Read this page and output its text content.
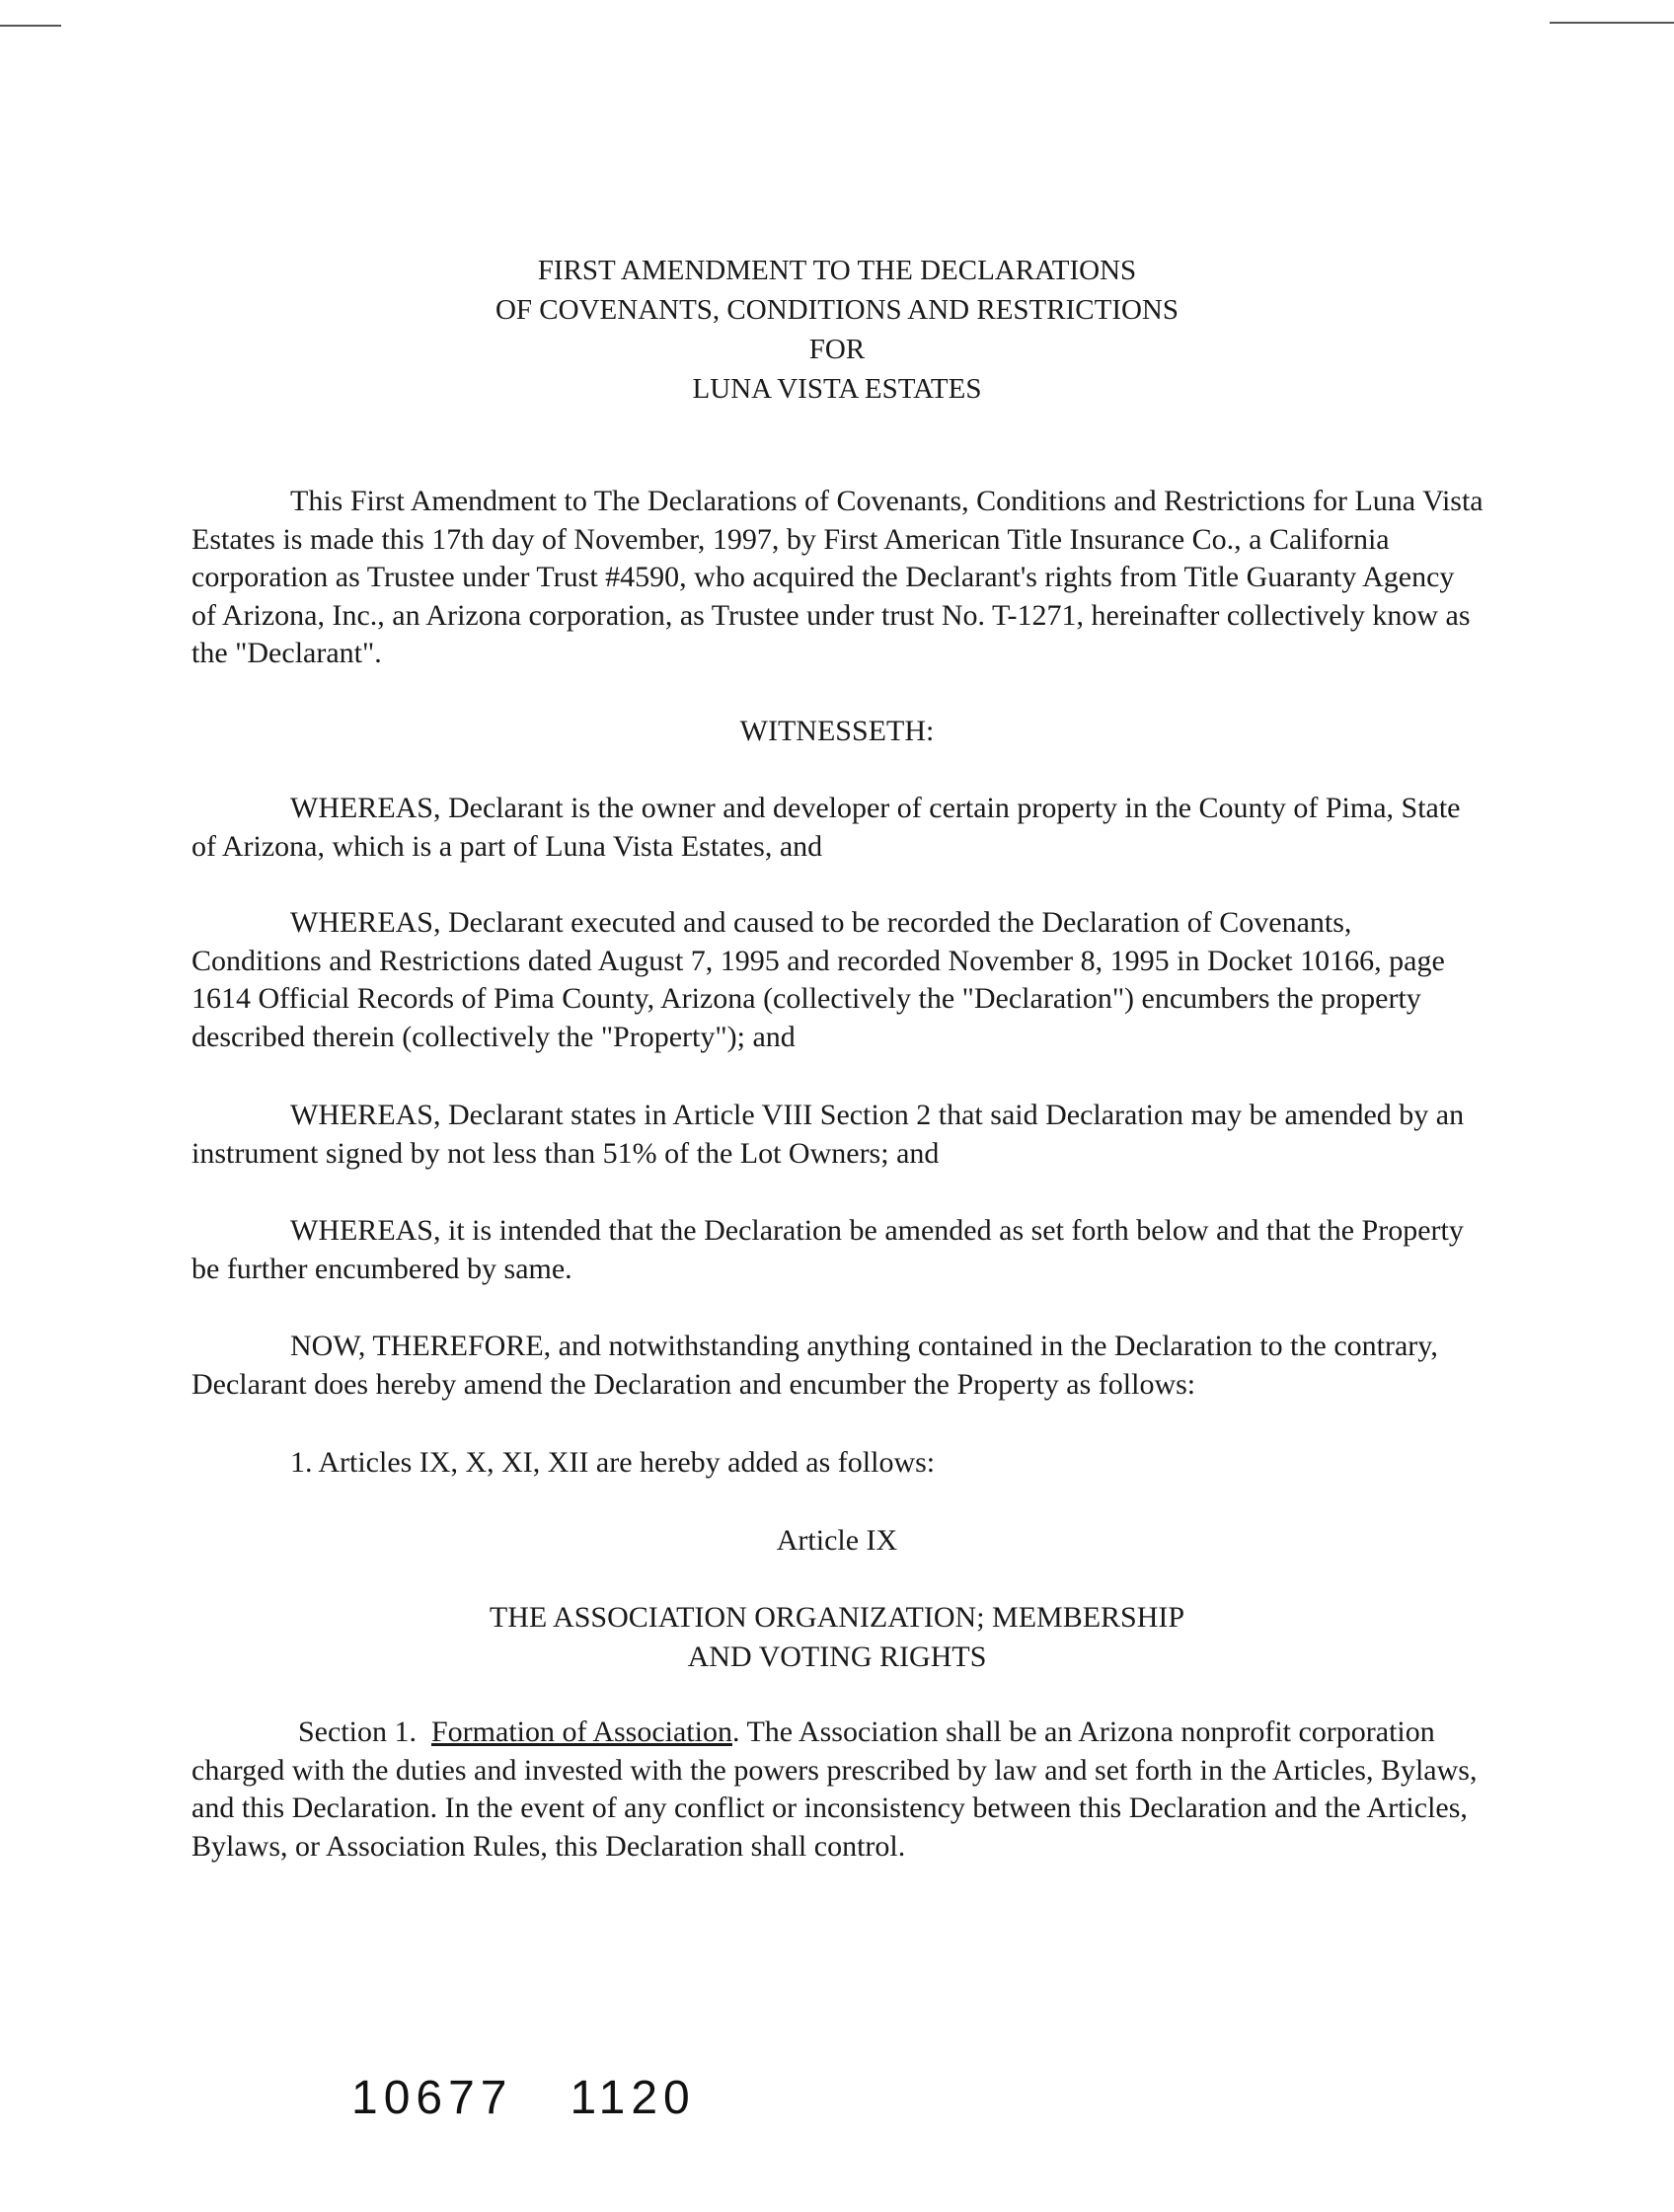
FIRST AMENDMENT TO THE DECLARATIONS
OF COVENANTS, CONDITIONS AND RESTRICTIONS
FOR
LUNA VISTA ESTATES

This First Amendment to The Declarations of Covenants, Conditions and Restrictions for Luna Vista Estates is made this 17th day of November, 1997, by First American Title Insurance Co., a California corporation as Trustee under Trust #4590, who acquired the Declarant's rights from Title Guaranty Agency of Arizona, Inc., an Arizona corporation, as Trustee under trust No. T-1271, hereinafter collectively know as the "Declarant".

WITNESSETH:

WHEREAS, Declarant is the owner and developer of certain property in the County of Pima, State of Arizona, which is a part of Luna Vista Estates, and

WHEREAS, Declarant executed and caused to be recorded the Declaration of Covenants, Conditions and Restrictions dated August 7, 1995 and recorded November 8, 1995 in Docket 10166, page 1614 Official Records of Pima County, Arizona (collectively the "Declaration") encumbers the property described therein (collectively the "Property"); and

WHEREAS, Declarant states in Article VIII Section 2 that said Declaration may be amended by an instrument signed by not less than 51% of the Lot Owners; and

WHEREAS, it is intended that the Declaration be amended as set forth below and that the Property be further encumbered by same.

NOW, THEREFORE, and notwithstanding anything contained in the Declaration to the contrary, Declarant does hereby amend the Declaration and encumber the Property as follows:

1. Articles IX, X, XI, XII are hereby added as follows:

Article IX
THE ASSOCIATION ORGANIZATION; MEMBERSHIP
AND VOTING RIGHTS

Section 1. Formation of Association. The Association shall be an Arizona nonprofit corporation charged with the duties and invested with the powers prescribed by law and set forth in the Articles, Bylaws, and this Declaration. In the event of any conflict or inconsistency between this Declaration and the Articles, Bylaws, or Association Rules, this Declaration shall control.

10677 1120
